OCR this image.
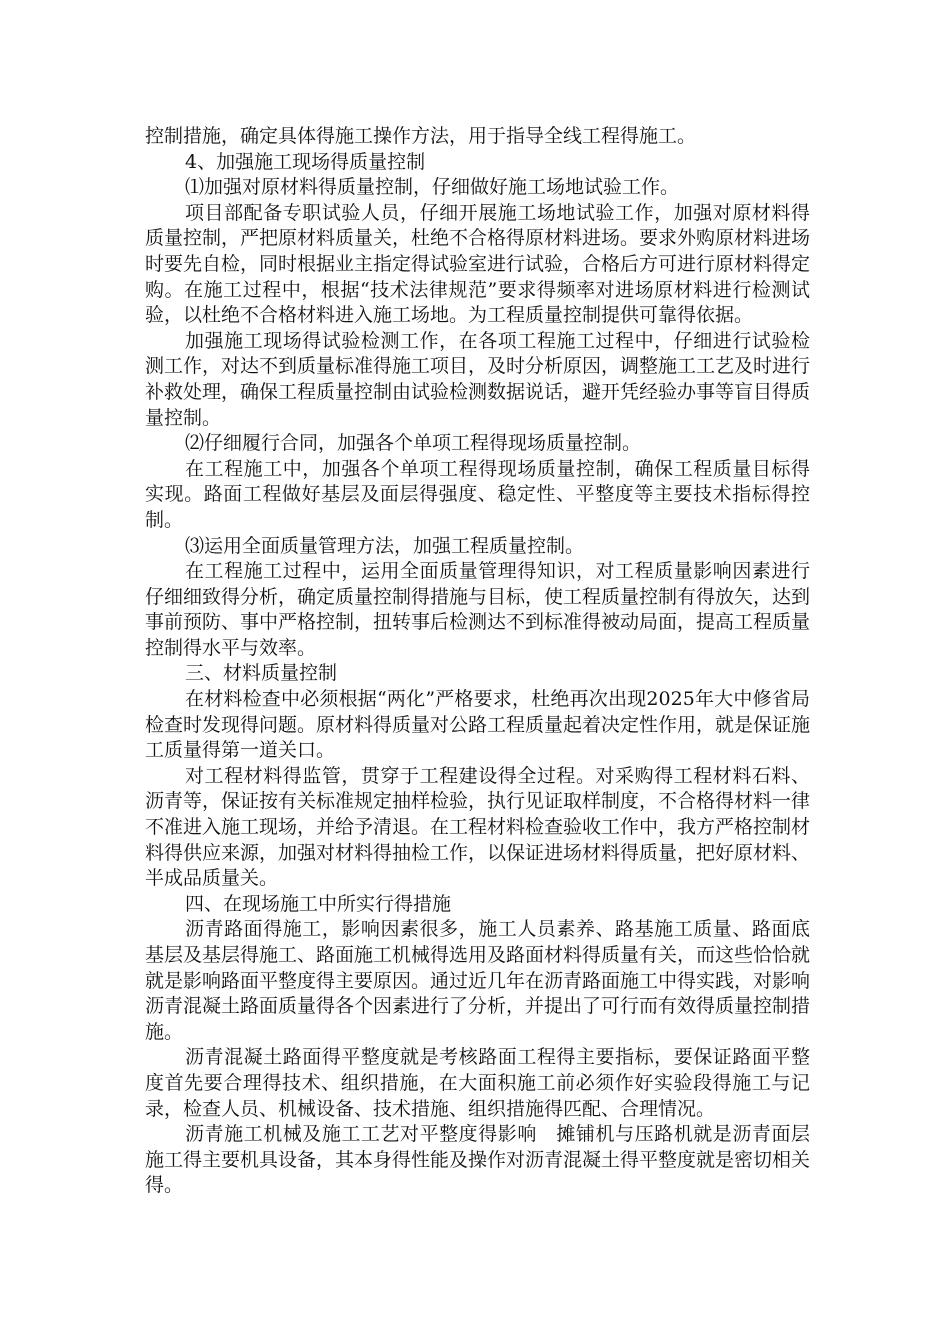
控制措施，确定具体得施工操作方法，用于指导全线工程得施工。

4、加强施工现场得质量控制

⑴加强对原材料得质量控制，仔细做好施工场地试验工作。

项目部配备专职试验人员，仔细开展施工场地试验工作，加强对原材料得质量控制，严把原材料质量关，杜绝不合格得原材料进场。要求外购原材料进场时要先自检，同时根据业主指定得试验室进行试验，合格后方可进行原材料得定购。在施工过程中，根据“技术法律规范”要求得频率对进场原材料进行检测试验，以杜绝不合格材料进入施工场地。为工程质量控制提供可靠得依据。

加强施工现场得试验检测工作，在各项工程施工过程中，仔细进行试验检测工作，对达不到质量标准得施工项目，及时分析原因，调整施工工艺及时进行补救处理，确保工程质量控制由试验检测数据说话，避开凭经验办事等盲目得质量控制。

⑵仔细履行合同，加强各个单项工程得现场质量控制。

在工程施工中，加强各个单项工程得现场质量控制，确保工程质量目标得实现。路面工程做好基层及面层得强度、稳定性、平整度等主要技术指标得控制。

⑶运用全面质量管理方法，加强工程质量控制。

在工程施工过程中，运用全面质量管理得知识，对工程质量影响因素进行仔细细致得分析，确定质量控制得措施与目标，使工程质量控制有得放矢，达到事前预防、事中严格控制，扭转事后检测达不到标准得被动局面，提高工程质量控制得水平与效率。

三、材料质量控制

在材料检查中必须根据“两化”严格要求，杜绝再次出现2025年大中修省局检查时发现得问题。原材料得质量对公路工程质量起着决定性作用，就是保证施工质量得第一道关口。

对工程材料得监管，贯穿于工程建设得全过程。对采购得工程材料石料、沥青等，保证按有关标准规定抽样检验，执行见证取样制度，不合格得材料一律不准进入施工现场，并给予清退。在工程材料检查验收工作中，我方严格控制材料得供应来源，加强对材料得抽检工作，以保证进场材料得质量，把好原材料、半成品质量关。

四、在现场施工中所实行得措施

沥青路面得施工，影响因素很多，施工人员素养、路基施工质量、路面底基层及基层得施工、路面施工机械得选用及路面材料得质量有关，而这些恰恰就就是影响路面平整度得主要原因。通过近几年在沥青路面施工中得实践，对影响沥青混凝土路面质量得各个因素进行了分析，并提出了可行而有效得质量控制措施。

沥青混凝土路面得平整度就是考核路面工程得主要指标，要保证路面平整度首先要合理得技术、组织措施，在大面积施工前必须作好实验段得施工与记录，检查人员、机械设备、技术措施、组织措施得匹配、合理情况。

沥青施工机械及施工工艺对平整度得影响　摊铺机与压路机就是沥青面层施工得主要机具设备，其本身得性能及操作对沥青混凝土得平整度就是密切相关得。
